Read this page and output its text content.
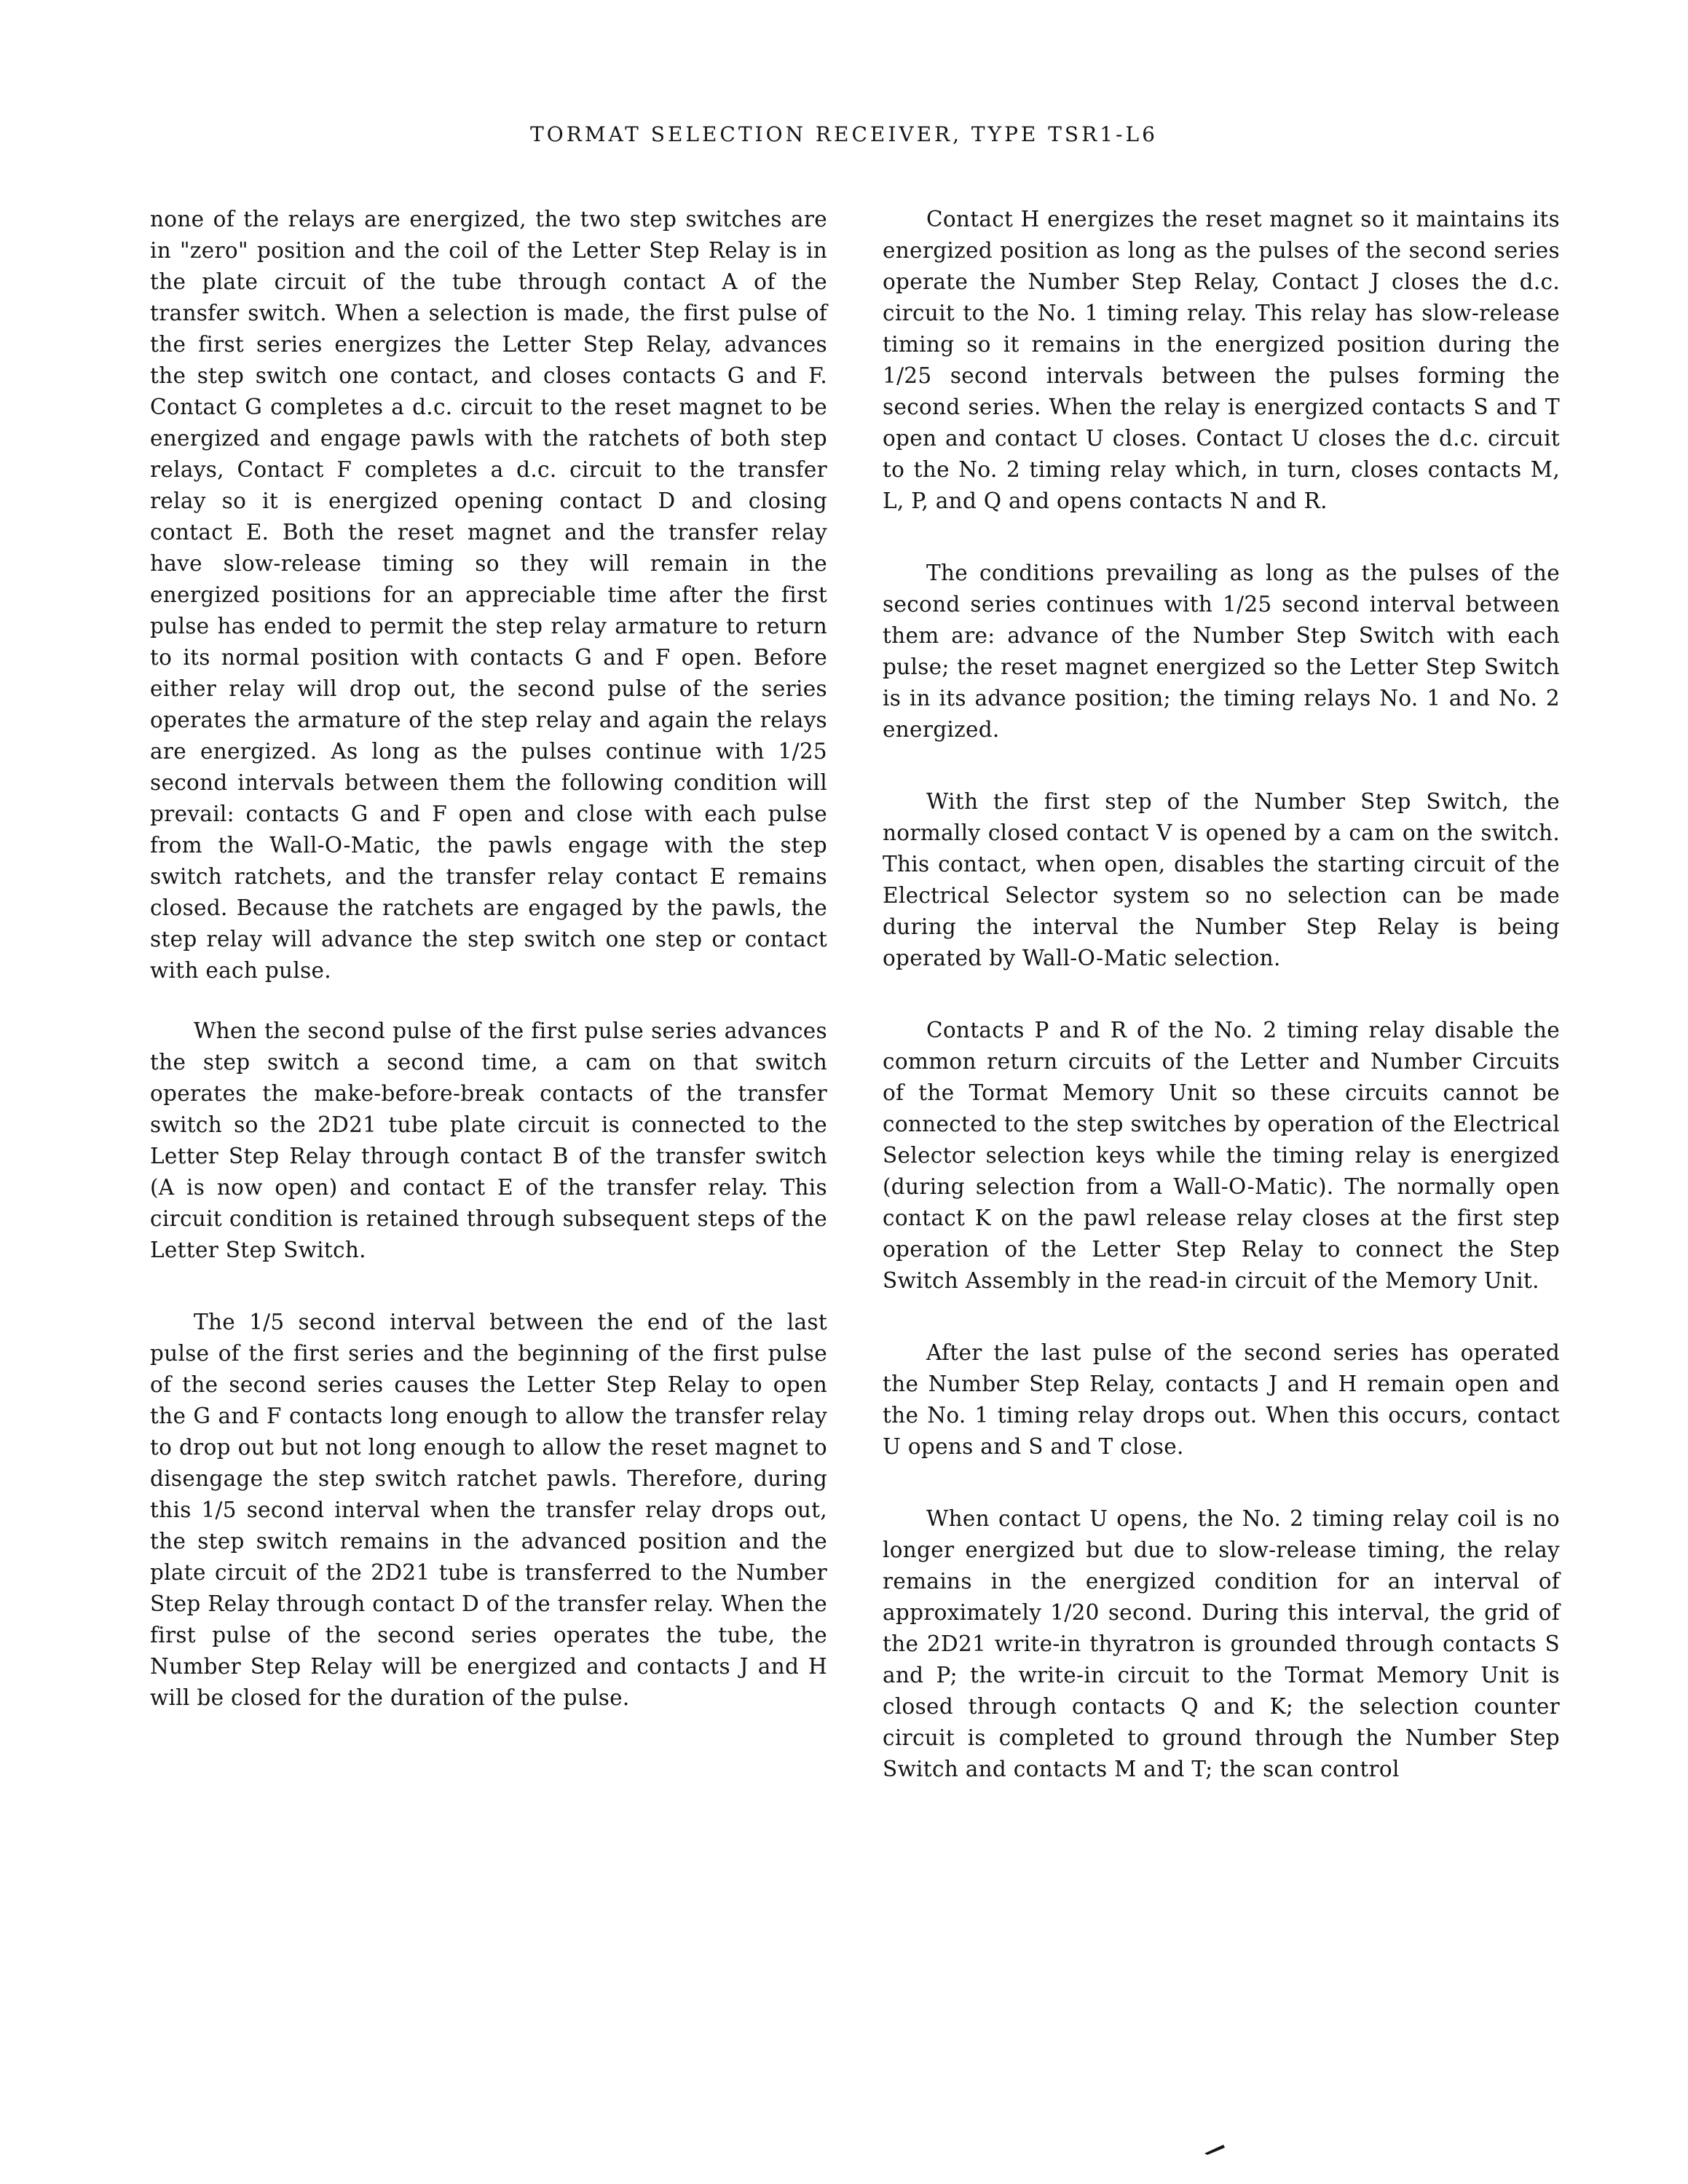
TORMAT SELECTION RECEIVER, TYPE TSR1-L6

none of the relays are energized, the two step switches are in "zero" position and the coil of the Letter Step Relay is in the plate circuit of the tube through contact A of the transfer switch. When a selection is made, the first pulse of the first series energizes the Letter Step Relay, advances the step switch one contact, and closes contacts G and F. Contact G completes a d.c. circuit to the reset magnet to be energized and engage pawls with the ratchets of both step relays, Contact F completes a d.c. circuit to the transfer relay so it is energized opening contact D and closing contact E. Both the reset magnet and the transfer relay have slow-release timing so they will remain in the energized positions for an appreciable time after the first pulse has ended to permit the step relay armature to return to its normal position with contacts G and F open. Before either relay will drop out, the second pulse of the series operates the armature of the step relay and again the relays are energized. As long as the pulses continue with 1/25 second intervals between them the following condition will prevail: contacts G and F open and close with each pulse from the Wall-O-Matic, the pawls engage with the step switch ratchets, and the transfer relay contact E remains closed. Because the ratchets are engaged by the pawls, the step relay will advance the step switch one step or contact with each pulse.

When the second pulse of the first pulse series advances the step switch a second time, a cam on that switch operates the make-before-break contacts of the transfer switch so the 2D21 tube plate circuit is connected to the Letter Step Relay through contact B of the transfer switch (A is now open) and contact E of the transfer relay. This circuit condition is retained through subsequent steps of the Letter Step Switch.

The 1/5 second interval between the end of the last pulse of the first series and the beginning of the first pulse of the second series causes the Letter Step Relay to open the G and F contacts long enough to allow the transfer relay to drop out but not long enough to allow the reset magnet to disengage the step switch ratchet pawls. Therefore, during this 1/5 second interval when the transfer relay drops out, the step switch remains in the advanced position and the plate circuit of the 2D21 tube is transferred to the Number Step Relay through contact D of the transfer relay. When the first pulse of the second series operates the tube, the Number Step Relay will be energized and contacts J and H will be closed for the duration of the pulse.

Contact H energizes the reset magnet so it maintains its energized position as long as the pulses of the second series operate the Number Step Relay, Contact J closes the d.c. circuit to the No. 1 timing relay. This relay has slow-release timing so it remains in the energized position during the 1/25 second intervals between the pulses forming the second series. When the relay is energized contacts S and T open and contact U closes. Contact U closes the d.c. circuit to the No. 2 timing relay which, in turn, closes contacts M, L, P, and Q and opens contacts N and R.

The conditions prevailing as long as the pulses of the second series continues with 1/25 second interval between them are: advance of the Number Step Switch with each pulse; the reset magnet energized so the Letter Step Switch is in its advance position; the timing relays No. 1 and No. 2 energized.

With the first step of the Number Step Switch, the normally closed contact V is opened by a cam on the switch. This contact, when open, disables the starting circuit of the Electrical Selector system so no selection can be made during the interval the Number Step Relay is being operated by Wall-O-Matic selection.

Contacts P and R of the No. 2 timing relay disable the common return circuits of the Letter and Number Circuits of the Tormat Memory Unit so these circuits cannot be connected to the step switches by operation of the Electrical Selector selection keys while the timing relay is energized (during selection from a Wall-O-Matic). The normally open contact K on the pawl release relay closes at the first step operation of the Letter Step Relay to connect the Step Switch Assembly in the read-in circuit of the Memory Unit.

After the last pulse of the second series has operated the Number Step Relay, contacts J and H remain open and the No. 1 timing relay drops out. When this occurs, contact U opens and S and T close.

When contact U opens, the No. 2 timing relay coil is no longer energized but due to slow-release timing, the relay remains in the energized condition for an interval of approximately 1/20 second. During this interval, the grid of the 2D21 write-in thyratron is grounded through contacts S and P; the write-in circuit to the Tormat Memory Unit is closed through contacts Q and K; the selection counter circuit is completed to ground through the Number Step Switch and contacts M and T; the scan control
